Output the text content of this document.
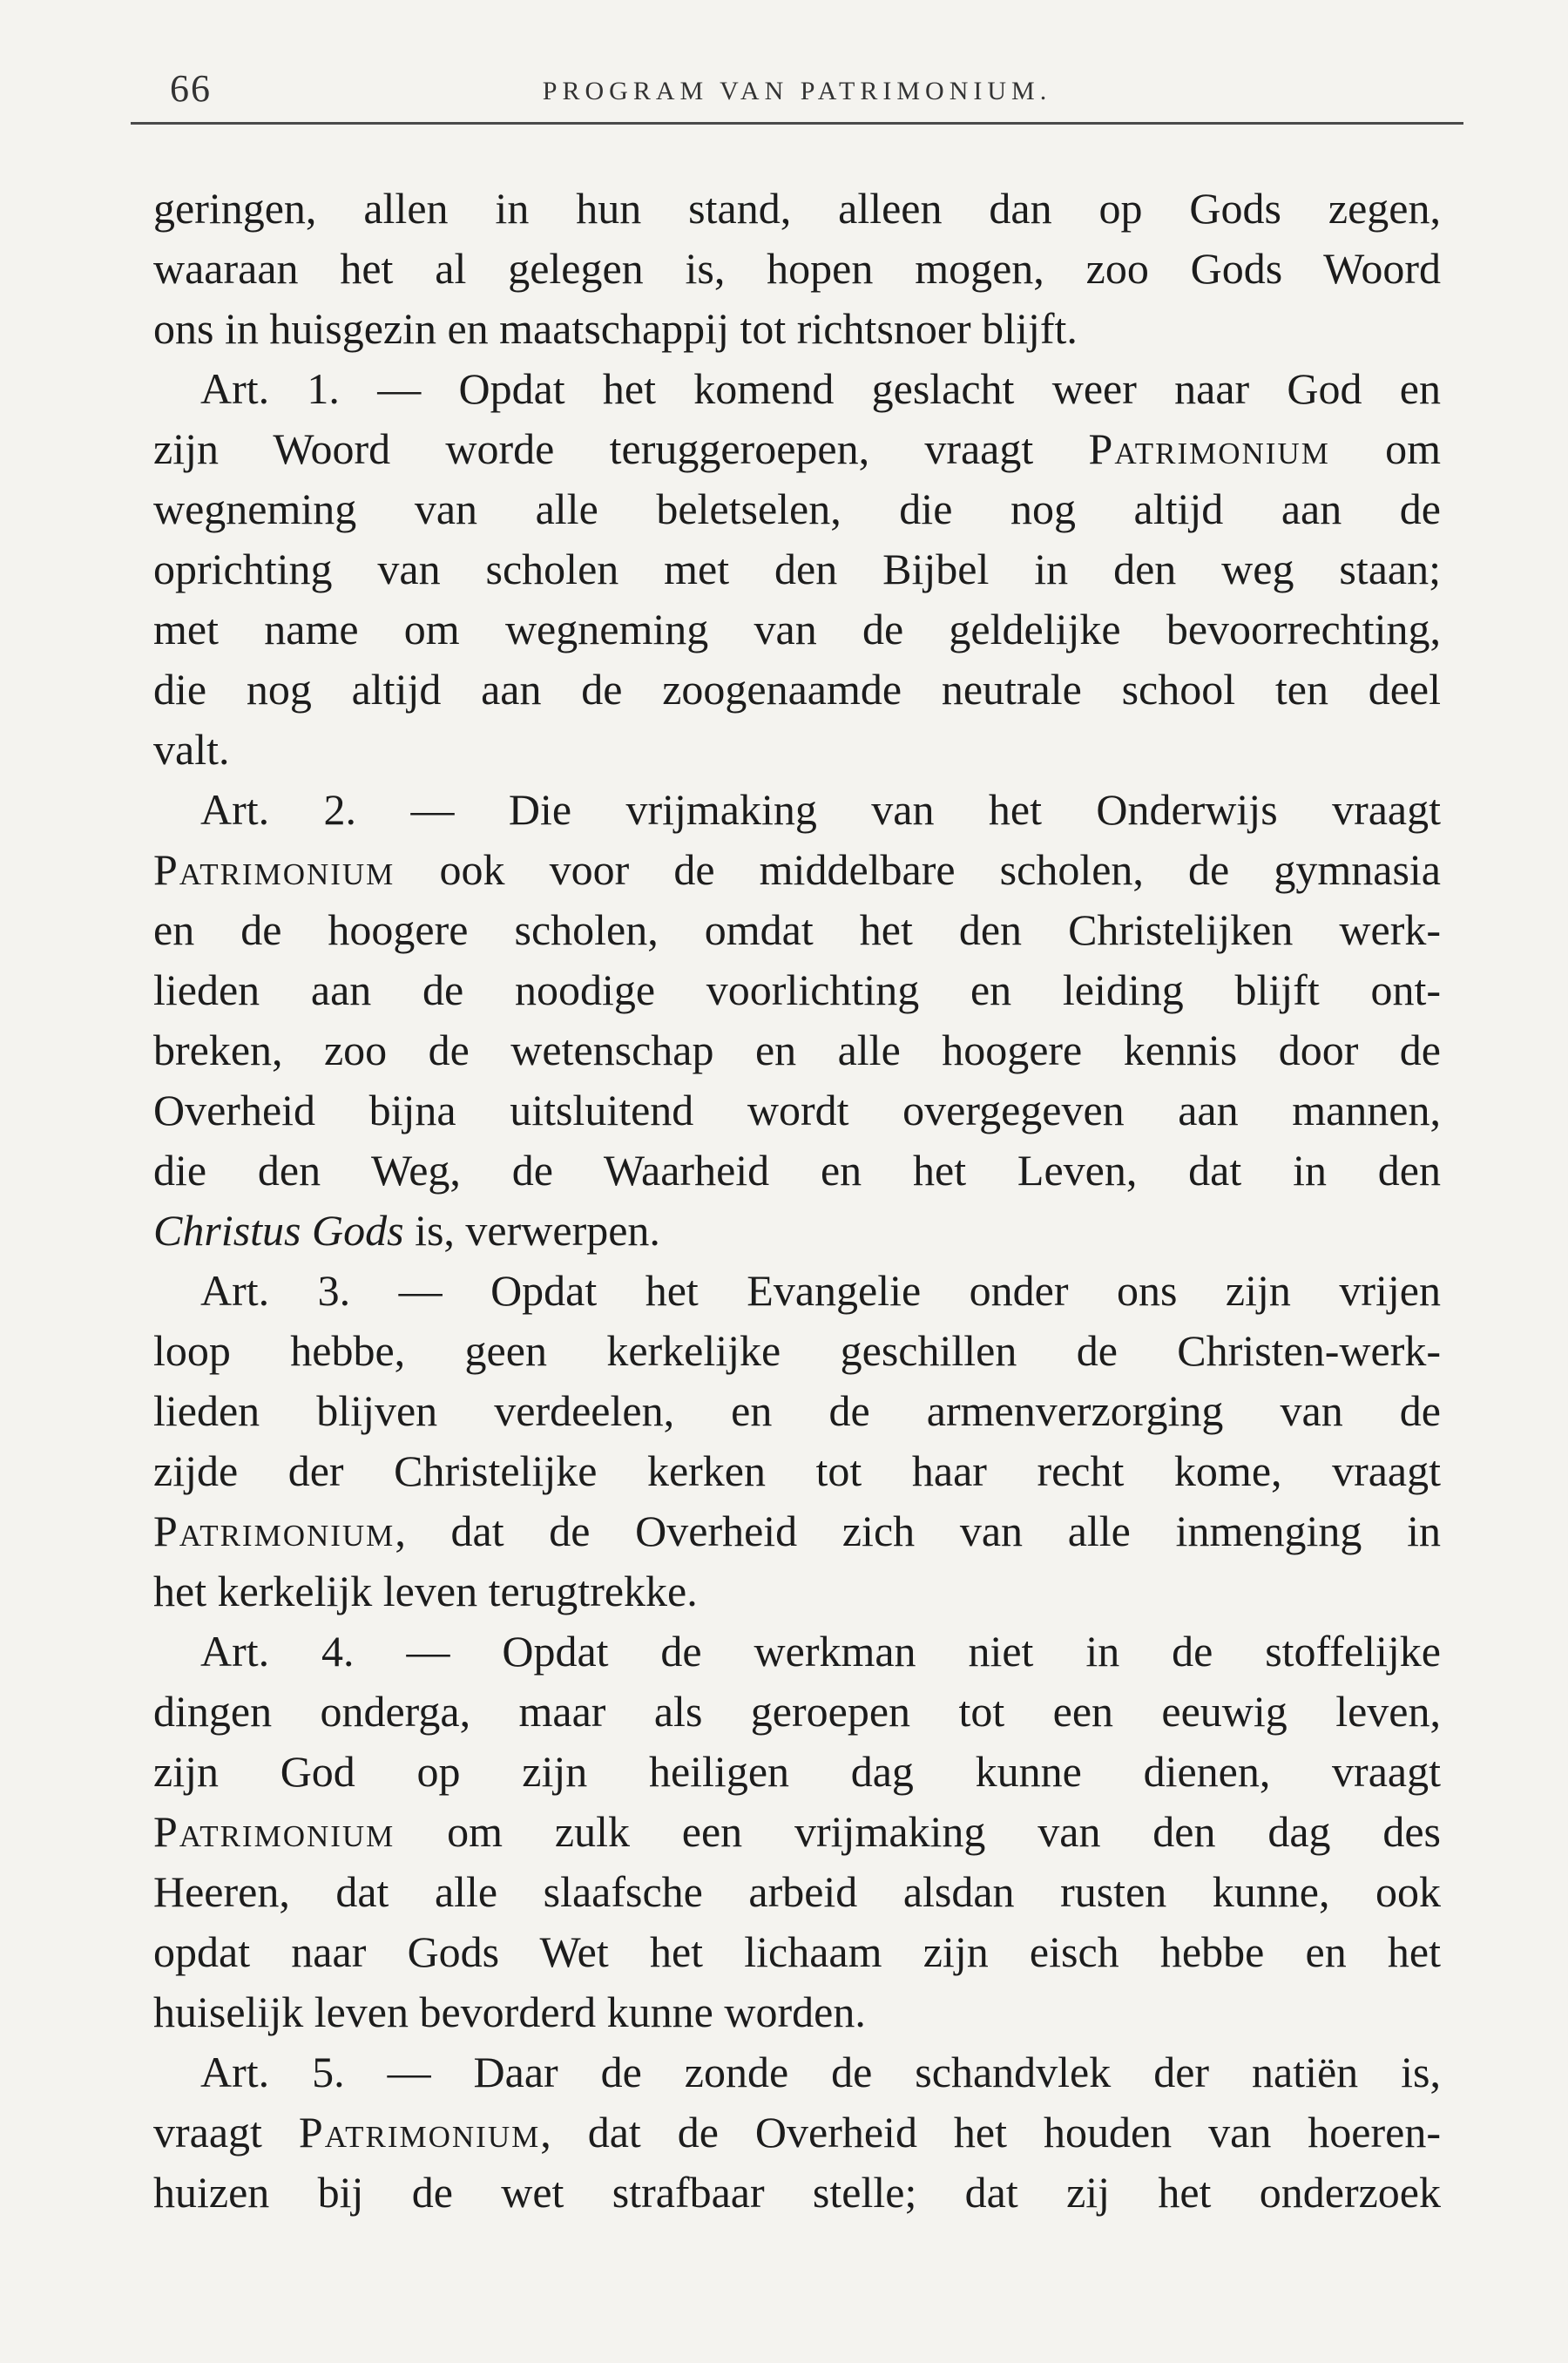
66	PROGRAM VAN PATRIMONIUM.
geringen, allen in hun stand, alleen dan op Gods zegen,
waaraan het al gelegen is, hopen mogen, zoo Gods Woord
ons in huisgezin en maatschappij tot richtsnoer blijft.
Art. 1. — Opdat het komend geslacht weer naar God en
zijn Woord worde teruggeroepen, vraagt Patrimonium om
wegneming van alle beletselen, die nog altijd aan de
oprichting van scholen met den Bijbel in den weg staan;
met name om wegneming van de geldelijke bevoorrechting,
die nog altijd aan de zoogenaamde neutrale school ten deel
valt.
Art. 2. — Die vrijmaking van het Onderwijs vraagt
Patrimonium ook voor de middelbare scholen, de gymnasia
en de hoogere scholen, omdat het den Christelijken werk-
lieden aan de noodige voorlichting en leiding blijft ont-
breken, zoo de wetenschap en alle hoogere kennis door de
Overheid bijna uitsluitend wordt overgegeven aan mannen,
die den Weg, de Waarheid en het Leven, dat in den
Christus Gods is, verwerpen.
Art. 3. — Opdat het Evangelie onder ons zijn vrijen
loop hebbe, geen kerkelijke geschillen de Christen-werk-
lieden blijven verdeelen, en de armenverzorging van de
zijde der Christelijke kerken tot haar recht kome, vraagt
Patrimonium, dat de Overheid zich van alle inmenging in
het kerkelijk leven terugtrekke.
Art. 4. — Opdat de werkman niet in de stoffelijke
dingen onderga, maar als geroepen tot een eeuwig leven,
zijn God op zijn heiligen dag kunne dienen, vraagt
Patrimonium om zulk een vrijmaking van den dag des
Heeren, dat alle slaafsche arbeid alsdan rusten kunne, ook
opdat naar Gods Wet het lichaam zijn eisch hebbe en het
huiselijk leven bevorderd kunne worden.
Art. 5. — Daar de zonde de schandvlek der natiën is,
vraagt Patrimonium, dat de Overheid het houden van hoeren-
huizen bij de wet strafbaar stelle; dat zij het onderzoek
